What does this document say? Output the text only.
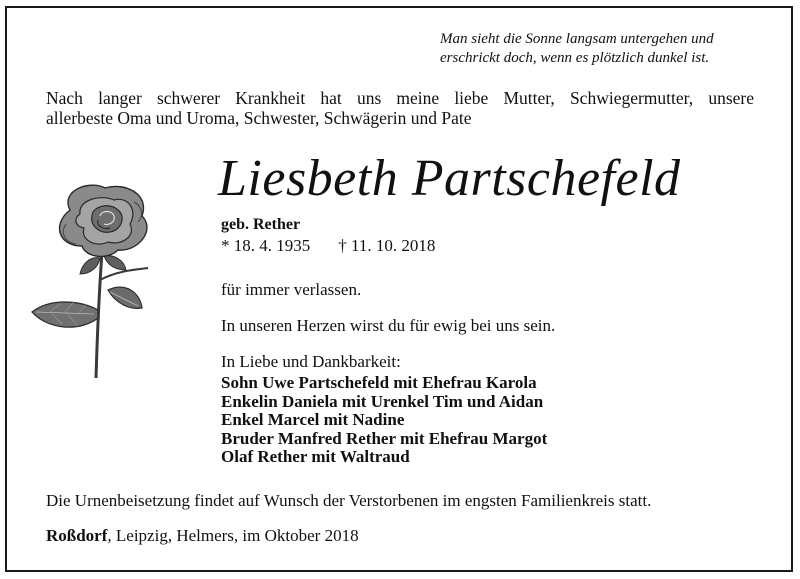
Man sieht die Sonne langsam untergehen und
erschrickt doch, wenn es plötzlich dunkel ist.
Nach langer schwerer Krankheit hat uns meine liebe Mutter, Schwiegermutter, unsere
allerbeste Oma und Uroma, Schwester, Schwägerin und Pate
Liesbeth Partschefeld
geb. Rether
* 18. 4. 1935 † 11. 10. 2018
für immer verlassen.
In unseren Herzen wirst du für ewig bei uns sein.
In Liebe und Dankbarkeit:
Sohn Uwe Partschefeld mit Ehefrau Karola
Enkelin Daniela mit Urenkel Tim und Aidan
Enkel Marcel mit Nadine
Bruder Manfred Rether mit Ehefrau Margot
Olaf Rether mit Waltraud
Die Urnenbeisetzung findet auf Wunsch der Verstorbenen im engsten Familienkreis statt.
Roßdorf, Leipzig, Helmers, im Oktober 2018
